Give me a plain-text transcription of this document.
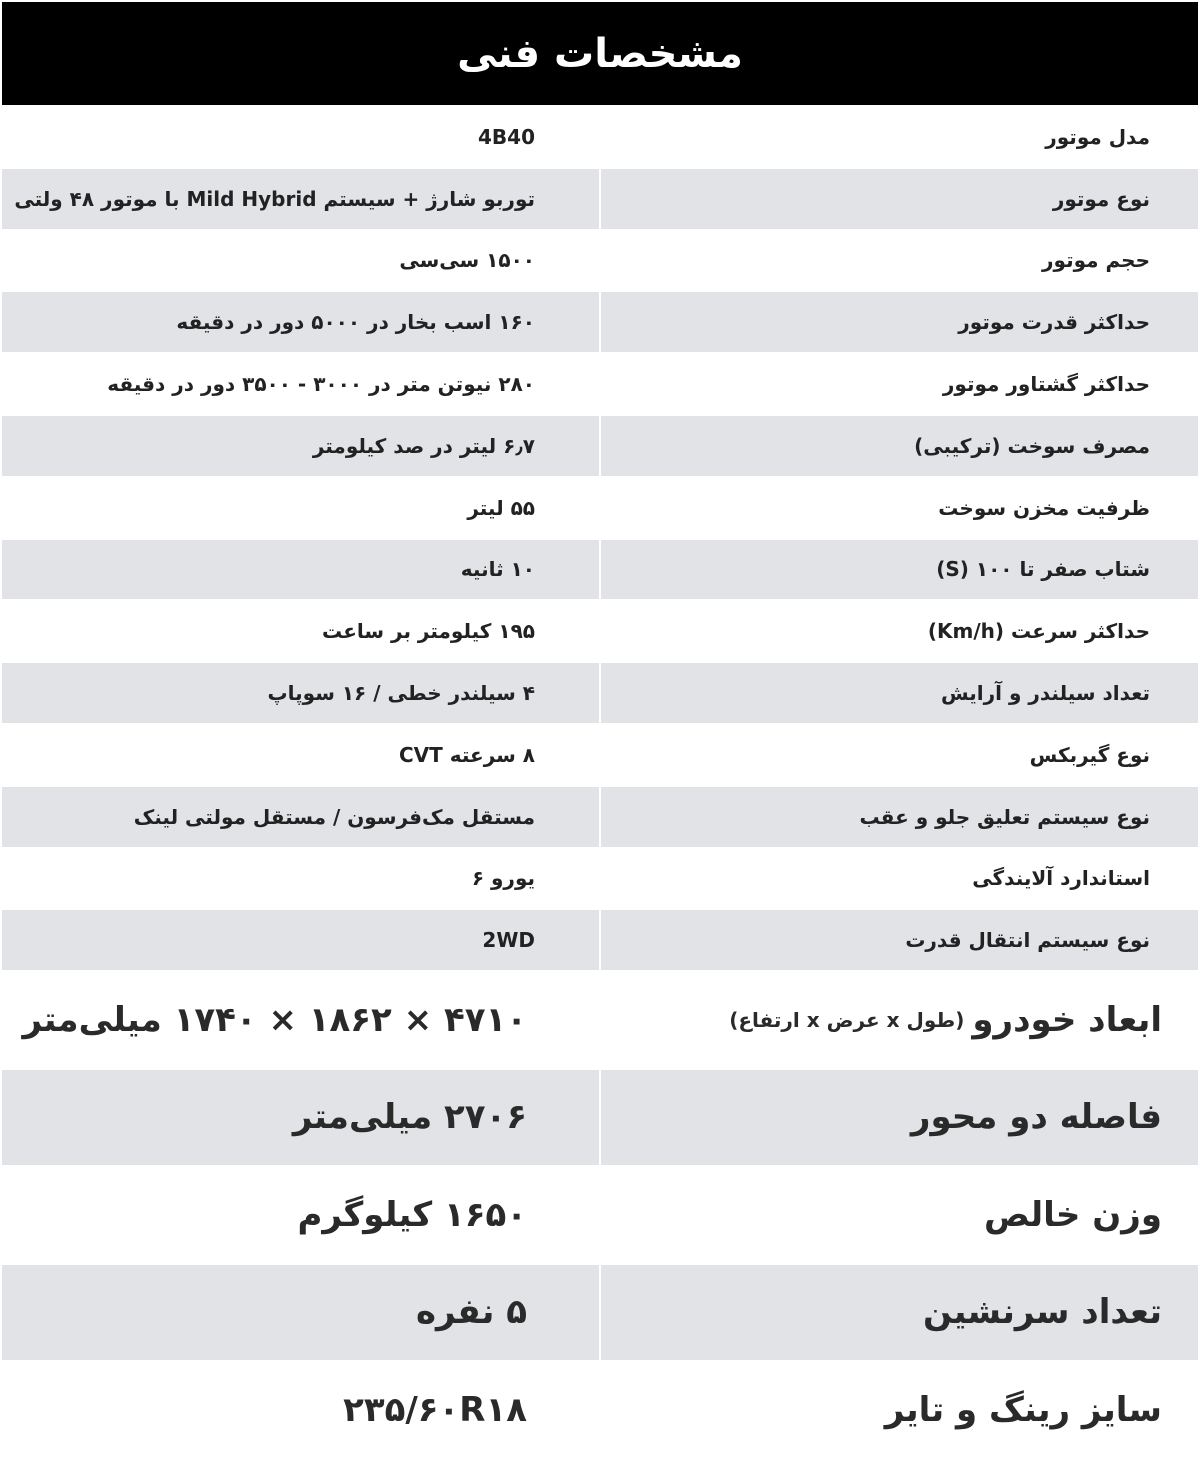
مشخصات فنی
مدل موتور
4B40
نوع موتور
توربو شارژ + سیستم Mild Hybrid با موتور ۴۸ ولتی
حجم موتور
۱۵۰۰ سی‌سی
حداکثر قدرت موتور
۱۶۰ اسب بخار در ۵۰۰۰ دور در دقیقه
حداکثر گشتاور موتور
۲۸۰ نیوتن متر در ۳۰۰۰ - ۳۵۰۰ دور در دقیقه
مصرف سوخت (ترکیبی)
۶٫۷ لیتر در صد کیلومتر
ظرفیت مخزن سوخت
۵۵ لیتر
شتاب صفر تا ۱۰۰ (S)
۱۰ ثانیه
حداکثر سرعت (Km/h)
۱۹۵ کیلومتر بر ساعت
تعداد سیلندر و آرایش
۴ سیلندر خطی / ۱۶ سوپاپ
نوع گیربکس
۸ سرعته CVT
نوع سیستم تعلیق جلو و عقب
مستقل مک‌فرسون / مستقل مولتی لینک
استاندارد آلایندگی
یورو ۶
نوع سیستم انتقال قدرت
2WD
ابعاد خودرو
(طول x عرض x ارتفاع)
۴۷۱۰ × ۱۸۶۲ × ۱۷۴۰ میلی‌متر
فاصله دو محور
۲۷۰۶ میلی‌متر
وزن خالص
۱۶۵۰ کیلوگرم
تعداد سرنشین
۵ نفره
سایز رینگ و تایر
۲۳۵/۶۰R۱۸
